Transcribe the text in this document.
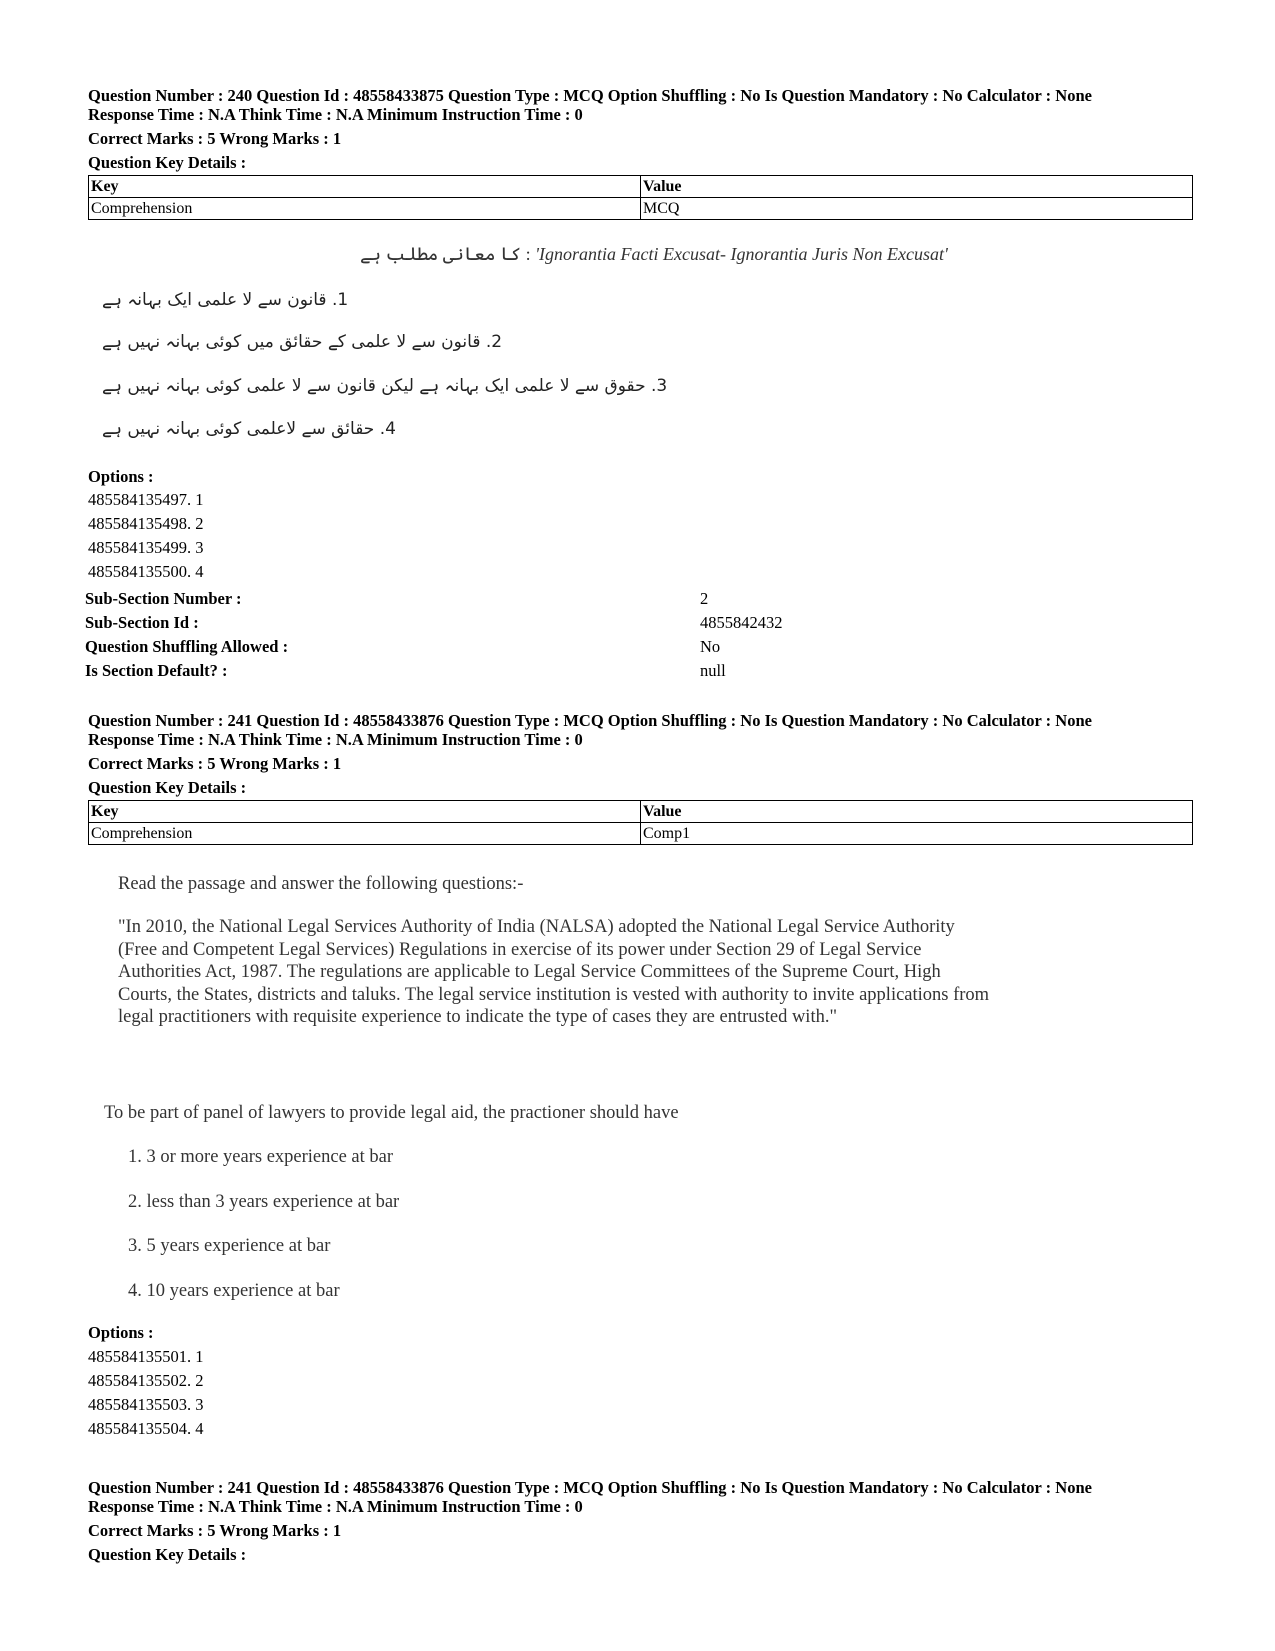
Question Number : 240 Question Id : 48558433875 Question Type : MCQ Option Shuffling : No Is Question Mandatory : No Calculator : None
Response Time : N.A Think Time : N.A Minimum Instruction Time : 0
Correct Marks : 5 Wrong Marks : 1
Question Key Details :
Key	Value
Comprehension	MCQ
: کا معانی مطلب ہے 'Ignorantia Facti Excusat- Ignorantia Juris Non Excusat'
1. قانون سے لا علمی ایک بہانہ ہے
2. قانون سے لا علمی کے حقائق میں کوئی بہانہ نہیں ہے
3. حقوق سے لا علمی ایک بہانہ ہے لیکن قانون سے لا علمی کوئی بہانہ نہیں ہے
4. حقائق سے لاعلمی کوئی بہانہ نہیں ہے
Options :
485584135497. 1
485584135498. 2
485584135499. 3
485584135500. 4
Sub-Section Number :	2
Sub-Section Id :	4855842432
Question Shuffling Allowed :	No
Is Section Default? :	null
Question Number : 241 Question Id : 48558433876 Question Type : MCQ Option Shuffling : No Is Question Mandatory : No Calculator : None
Response Time : N.A Think Time : N.A Minimum Instruction Time : 0
Correct Marks : 5 Wrong Marks : 1
Question Key Details :
Key	Value
Comprehension	Comp1
Read the passage and answer the following questions:-
"In 2010, the National Legal Services Authority of India (NALSA) adopted the National Legal Service Authority (Free and Competent Legal Services) Regulations in exercise of its power under Section 29 of Legal Service Authorities Act, 1987. The regulations are applicable to Legal Service Committees of the Supreme Court, High Courts, the States, districts and taluks. The legal service institution is vested with authority to invite applications from legal practitioners with requisite experience to indicate the type of cases they are entrusted with."
To be part of panel of lawyers to provide legal aid, the practioner should have
1. 3 or more years experience at bar
2. less than 3 years experience at bar
3. 5 years experience at bar
4. 10 years experience at bar
Options :
485584135501. 1
485584135502. 2
485584135503. 3
485584135504. 4
Question Number : 241 Question Id : 48558433876 Question Type : MCQ Option Shuffling : No Is Question Mandatory : No Calculator : None
Response Time : N.A Think Time : N.A Minimum Instruction Time : 0
Correct Marks : 5 Wrong Marks : 1
Question Key Details :
